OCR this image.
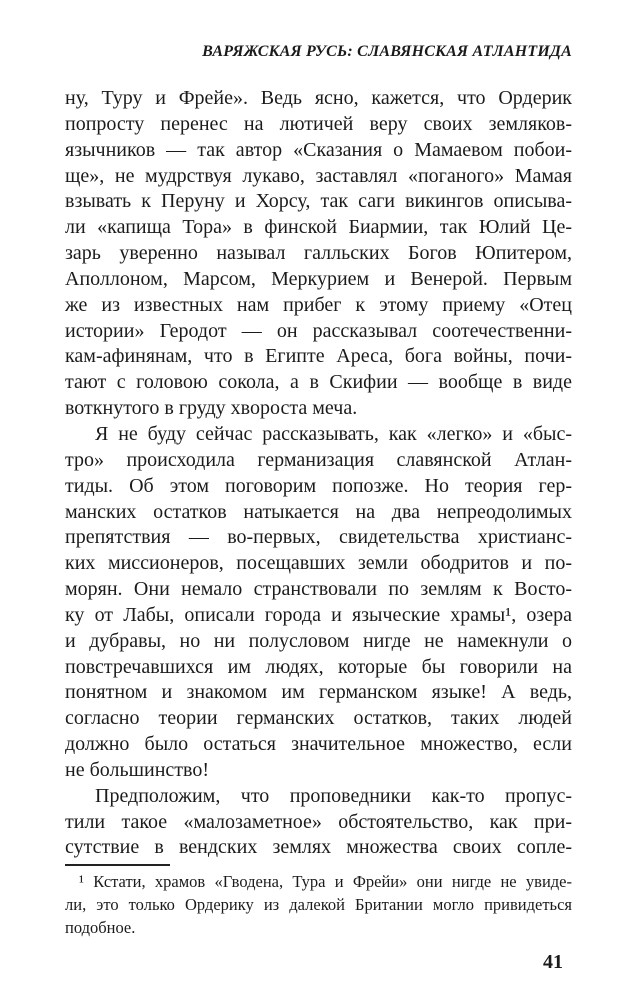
ВАРЯЖСКАЯ РУСЬ: СЛАВЯНСКАЯ АТЛАНТИДА
ну, Туру и Фрейе». Ведь ясно, кажется, что Ордерик
попросту перенес на лютичей веру своих земляков-
язычников — так автор «Сказания о Мамаевом побои-
ще», не мудрствуя лукаво, заставлял «поганого» Мамая
взывать к Перуну и Хорсу, так саги викингов описыва-
ли «капища Тора» в финской Биармии, так Юлий Це-
зарь уверенно называл галльских Богов Юпитером,
Аполлоном, Марсом, Меркурием и Венерой. Первым
же из известных нам прибег к этому приему «Отец
истории» Геродот — он рассказывал соотечественни-
кам-афинянам, что в Египте Ареса, бога войны, почи-
тают с головою сокола, а в Скифии — вообще в виде
воткнутого в груду хвороста меча.
Я не буду сейчас рассказывать, как «легко» и «быс-
тро» происходила германизация славянской Атлан-
тиды. Об этом поговорим попозже. Но теория гер-
манских остатков натыкается на два непреодолимых
препятствия — во-первых, свидетельства христианс-
ких миссионеров, посещавших земли ободритов и по-
морян. Они немало странствовали по землям к Восто-
ку от Лабы, описали города и языческие храмы¹, озера
и дубравы, но ни полусловом нигде не намекнули о
повстречавшихся им людях, которые бы говорили на
понятном и знакомом им германском языке! А ведь,
согласно теории германских остатков, таких людей
должно было остаться значительное множество, если
не большинство!
Предположим, что проповедники как-то пропус-
тили такое «малозаметное» обстоятельство, как при-
сутствие в вендских землях множества своих сопле-
¹ Кстати, храмов «Гводена, Тура и Фрейи» они нигде не увиде-
ли, это только Ордерику из далекой Британии могло привидеться
подобное.
41
